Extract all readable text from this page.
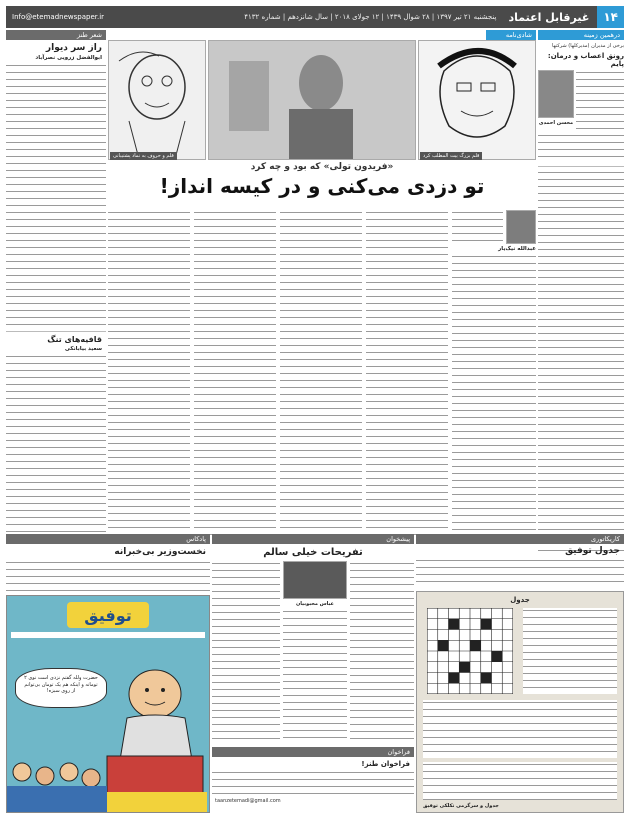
۱۴
غیرقابل اعتماد
پنجشنبه ۲۱ تیر ۱۳۹۷ | ۲۸ شوال ۱۴۳۹ | ۱۲ جولای ۲۰۱۸ | سال شانزدهم | شماره ۴۱۳۲
Info@etemadnewspaper.ir
درهمین زمینه
برخی از مدیران (مدیرکلها) شرکتها
رونق اعصاب و درمان: پایم
محسن احمدی
شادی‌نامه
قلم و حروف به نماد پشتیبانی	قلم بزرگ بیت المطلب کرد
«فریدون تولی» که بود و چه کرد
تو دزدی می‌کنی و در کیسه انداز!
عبدالله نیک‌یار
شعر طنز
راز سر دیوار
ابوالفضل زرویی نصرآباد
قافیه‌های تنگ
سعید بیابانکی
کاریکاتوری
جدول توفیق
جدول
جدول و سرگرمی تکلکی توفیق
پیشخوان
تفریحات خیلی سالم
عباس محبوبیان
فراخوان
فراخوان طنز!
taanzetemadi@gmail.com
پادکاس
نخست‌وزیر بی‌خبرانه
توفیق
حضرت ولله گفتم نزدی است نوی ۲ تومانه و اینکه هم یک تومان بی‌توانم از روی سبزه!
